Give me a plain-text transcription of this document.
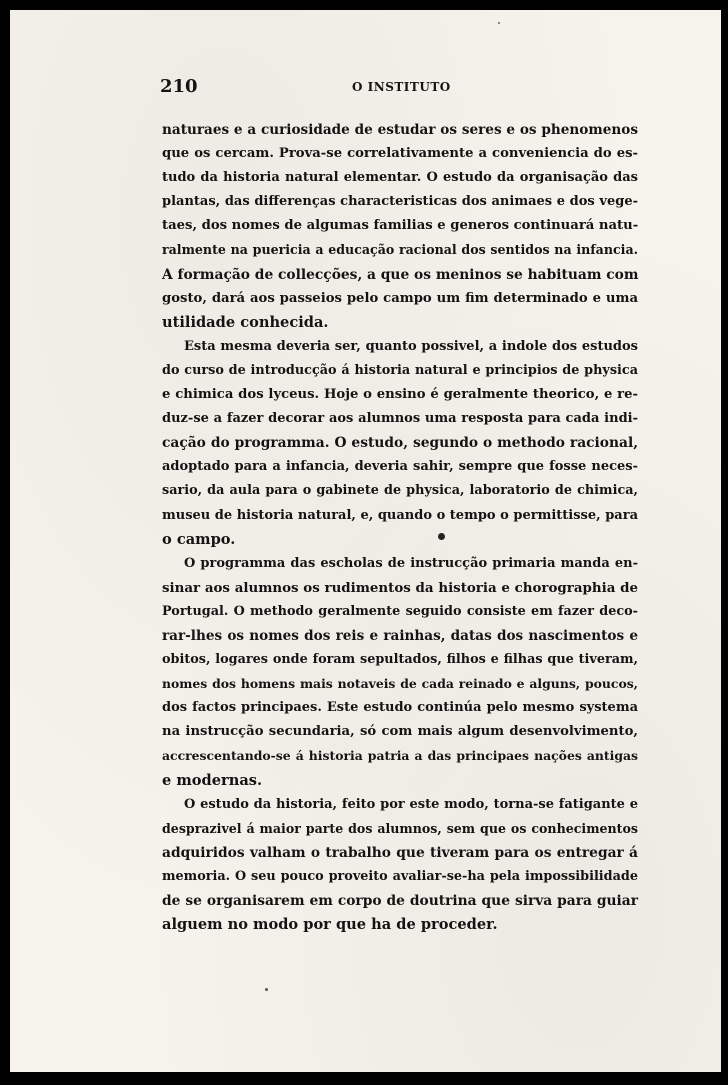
210	O INSTITUTO

naturaes e a curiosidade de estudar os seres e os phenomenos
que os cercam. Prova-se correlativamente a conveniencia do es-
tudo da historia natural elementar. O estudo da organisação das
plantas, das differenças characteristicas dos animaes e dos vege-
taes, dos nomes de algumas familias e generos continuará natu-
ralmente na puericia a educação racional dos sentidos na infancia.
A formação de collecções, a que os meninos se habituam com
gosto, dará aos passeios pelo campo um fim determinado e uma
utilidade conhecida.

Esta mesma deveria ser, quanto possivel, a indole dos estudos
do curso de introducção á historia natural e principios de physica
e chimica dos lyceus. Hoje o ensino é geralmente theorico, e re-
duz-se a fazer decorar aos alumnos uma resposta para cada indi-
cação do programma. O estudo, segundo o methodo racional,
adoptado para a infancia, deveria sahir, sempre que fosse neces-
sario, da aula para o gabinete de physica, laboratorio de chimica,
museu de historia natural, e, quando o tempo o permittisse, para
o campo.

O programma das escholas de instrucção primaria manda en-
sinar aos alumnos os rudimentos da historia e chorographia de
Portugal. O methodo geralmente seguido consiste em fazer deco-
rar-lhes os nomes dos reis e rainhas, datas dos nascimentos e
obitos, logares onde foram sepultados, filhos e filhas que tiveram,
nomes dos homens mais notaveis de cada reinado e alguns, poucos,
dos factos principaes. Este estudo continúa pelo mesmo systema
na instrucção secundaria, só com mais algum desenvolvimento,
accrescentando-se á historia patria a das principaes nações antigas
e modernas.

O estudo da historia, feito por este modo, torna-se fatigante e
desprazivel á maior parte dos alumnos, sem que os conhecimentos
adquiridos valham o trabalho que tiveram para os entregar á
memoria. O seu pouco proveito avaliar-se-ha pela impossibilidade
de se organisarem em corpo de doutrina que sirva para guiar
alguem no modo por que ha de proceder.
